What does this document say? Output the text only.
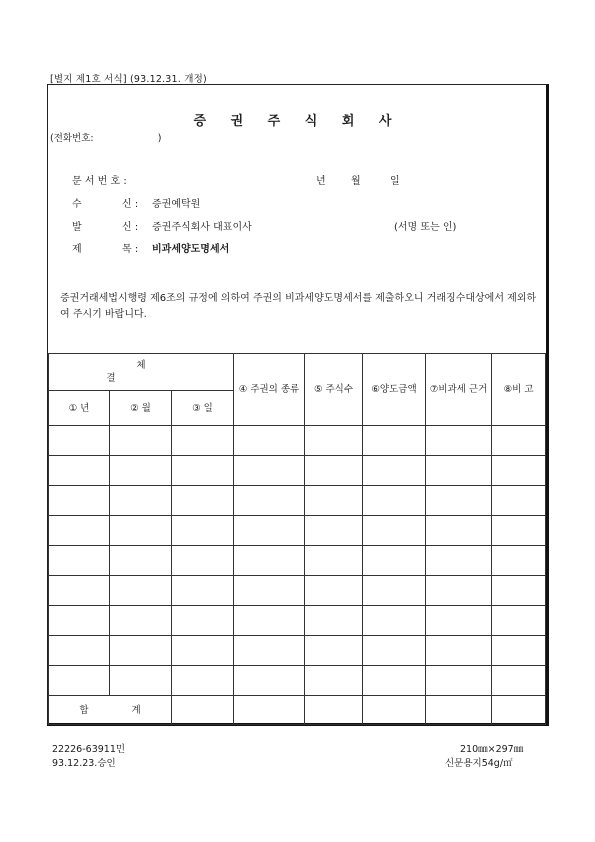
[별지 제1호 서식] (93.12.31. 개정)
증 권 주 식 회 사
(전화번호:	)
문 서 번 호 :	년	월	일
수	신 : 증권예탁원
발	신 : 증권주식회사 대표이사	(서명 또는 인)
제	목 : 비과세양도명세서
증권거래세법시행령 제6조의 규정에 의하여 주권의 비과세양도명세서를 제출하오니 거래징수대상에서 제외하여 주시기 바랍니다.
체 결			④ 주권의 종류	⑤ 주식수	⑥양도금액	⑦비과세 근거	⑧비 고
① 년	② 월	③ 일					

합 계							
22226-63911민
93.12.23.승인
210㎜×297㎜
신문용지54g/㎡
